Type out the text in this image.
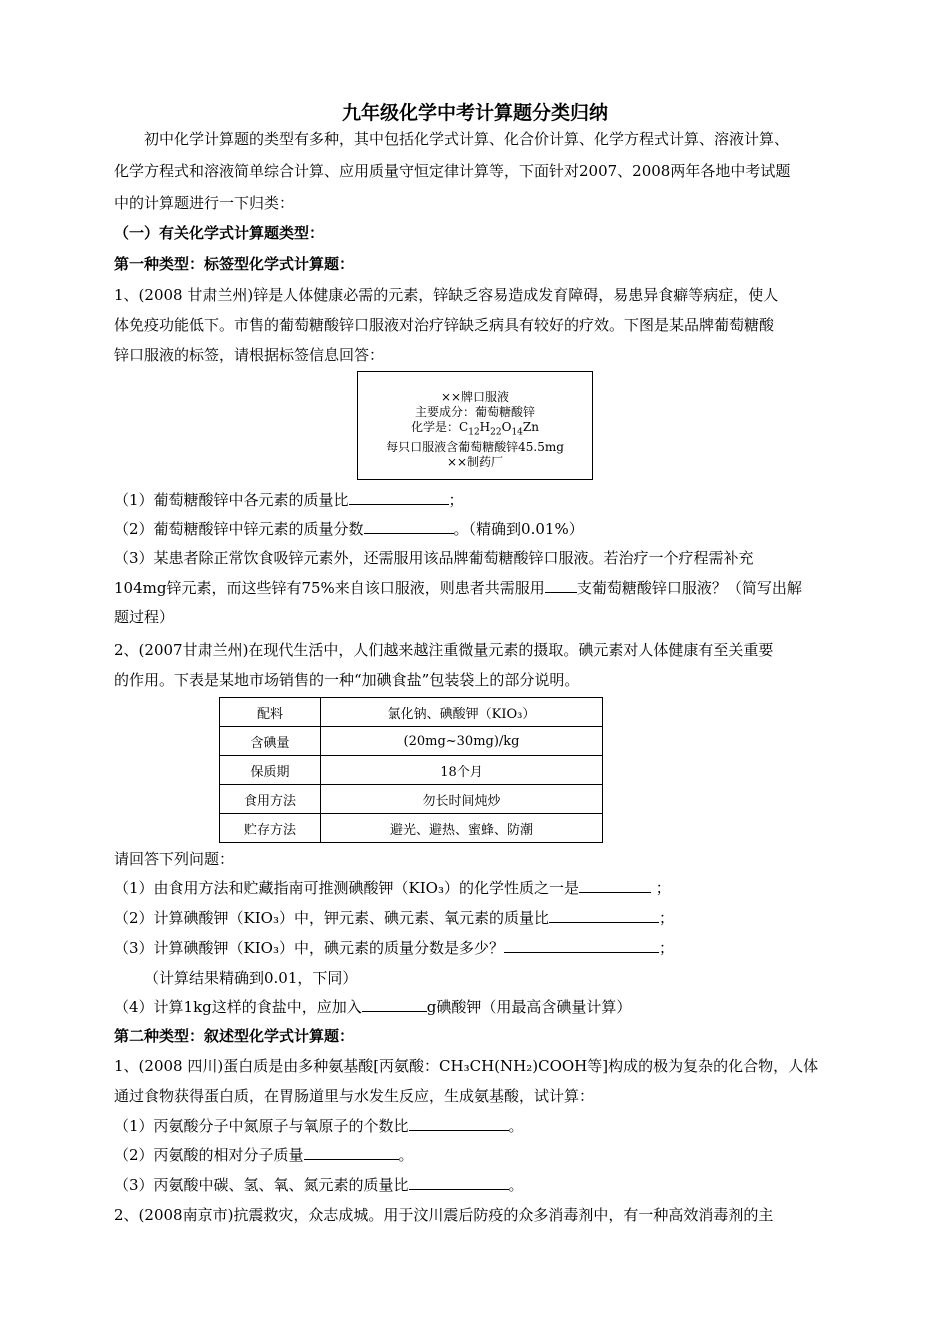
九年级化学中考计算题分类归纳
初中化学计算题的类型有多种，其中包括化学式计算、化合价计算、化学方程式计算、溶液计算、
化学方程式和溶液简单综合计算、应用质量守恒定律计算等，下面针对2007、2008两年各地中考试题
中的计算题进行一下归类：
（一）有关化学式计算题类型：
第一种类型：标签型化学式计算题：
1、(2008 甘肃兰州)锌是人体健康必需的元素，锌缺乏容易造成发育障碍，易患异食癖等病症，使人
体免疫功能低下。市售的葡萄糖酸锌口服液对治疗锌缺乏病具有较好的疗效。下图是某品牌葡萄糖酸
锌口服液的标签，请根据标签信息回答：
××牌口服液
主要成分：葡萄糖酸锌
化学是：$C_{12}H_{22}O_{14}Zn$
每只口服液含葡萄糖酸锌45.5mg
××制药厂
（1）葡萄糖酸锌中各元素的质量比	；
（2）葡萄糖酸锌中锌元素的质量分数	。（精确到0.01%）
（3）某患者除正常饮食吸锌元素外，还需服用该品牌葡萄糖酸锌口服液。若治疗一个疗程需补充
104mg锌元素，而这些锌有75%来自该口服液，则患者共需服用 支葡萄糖酸锌口服液？（简写出解
题过程）
2、(2007甘肃兰州)在现代生活中，人们越来越注重微量元素的摄取。碘元素对人体健康有至关重要
的作用。下表是某地市场销售的一种“加碘食盐”包装袋上的部分说明。
配料	氯化钠、碘酸钾（KIO₃）
含碘量	(20mg~30mg)/kg
保质期	18个月
食用方法	勿长时间炖炒
贮存方法	避光、避热、蜜蜂、防潮
请回答下列问题：
（1）由食用方法和贮藏指南可推测碘酸钾（KIO₃）的化学性质之一是	；
（2）计算碘酸钾（KIO₃）中，钾元素、碘元素、氧元素的质量比	；
（3）计算碘酸钾（KIO₃）中，碘元素的质量分数是多少？	；
（计算结果精确到0.01，下同）
（4）计算1kg这样的食盐中，应加入	g碘酸钾（用最高含碘量计算）
第二种类型：叙述型化学式计算题：
1、(2008 四川)蛋白质是由多种氨基酸[丙氨酸：CH₃CH(NH₂)COOH等]构成的极为复杂的化合物，人体
通过食物获得蛋白质，在胃肠道里与水发生反应，生成氨基酸，试计算：
（1）丙氨酸分子中氮原子与氧原子的个数比	。
（2）丙氨酸的相对分子质量	。
（3）丙氨酸中碳、氢、氧、氮元素的质量比	。
2、(2008南京市)抗震救灾，众志成城。用于汶川震后防疫的众多消毒剂中，有一种高效消毒剂的主
